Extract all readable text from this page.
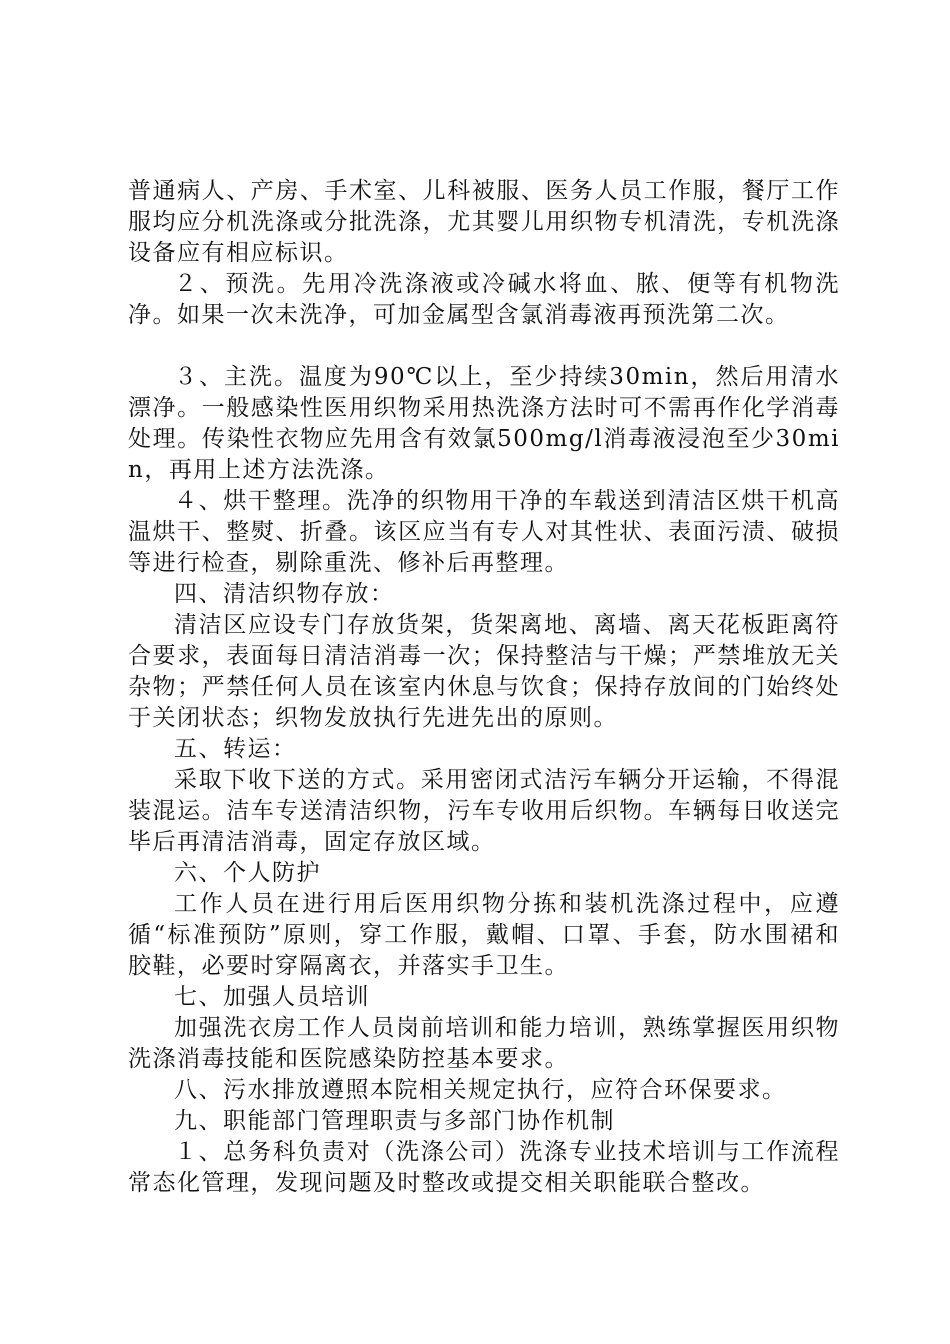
普通病人、产房、手术室、儿科被服、医务人员工作服，餐厅工作服均应分机洗涤或分批洗涤，尤其婴儿用织物专机清洗，专机洗涤设备应有相应标识。

２、预洗。先用冷洗涤液或冷碱水将血、脓、便等有机物洗净。如果一次未洗净，可加金属型含氯消毒液再预洗第二次。

３、主洗。温度为90℃以上，至少持续30min，然后用清水漂净。一般感染性医用织物采用热洗涤方法时可不需再作化学消毒处理。传染性衣物应先用含有效氯500mg/l消毒液浸泡至少30min，再用上述方法洗涤。

４、烘干整理。洗净的织物用干净的车载送到清洁区烘干机高温烘干、整熨、折叠。该区应当有专人对其性状、表面污渍、破损等进行检查，剔除重洗、修补后再整理。

四、清洁织物存放：

清洁区应设专门存放货架，货架离地、离墙、离天花板距离符合要求，表面每日清洁消毒一次；保持整洁与干燥；严禁堆放无关杂物；严禁任何人员在该室内休息与饮食；保持存放间的门始终处于关闭状态；织物发放执行先进先出的原则。

五、转运：

采取下收下送的方式。采用密闭式洁污车辆分开运输，不得混装混运。洁车专送清洁织物，污车专收用后织物。车辆每日收送完毕后再清洁消毒，固定存放区域。

六、个人防护

工作人员在进行用后医用织物分拣和装机洗涤过程中，应遵循“标准预防”原则，穿工作服，戴帽、口罩、手套，防水围裙和胶鞋，必要时穿隔离衣，并落实手卫生。

七、加强人员培训

加强洗衣房工作人员岗前培训和能力培训，熟练掌握医用织物洗涤消毒技能和医院感染防控基本要求。

八、污水排放遵照本院相关规定执行，应符合环保要求。

九、职能部门管理职责与多部门协作机制

１、总务科负责对（洗涤公司）洗涤专业技术培训与工作流程常态化管理，发现问题及时整改或提交相关职能联合整改。
